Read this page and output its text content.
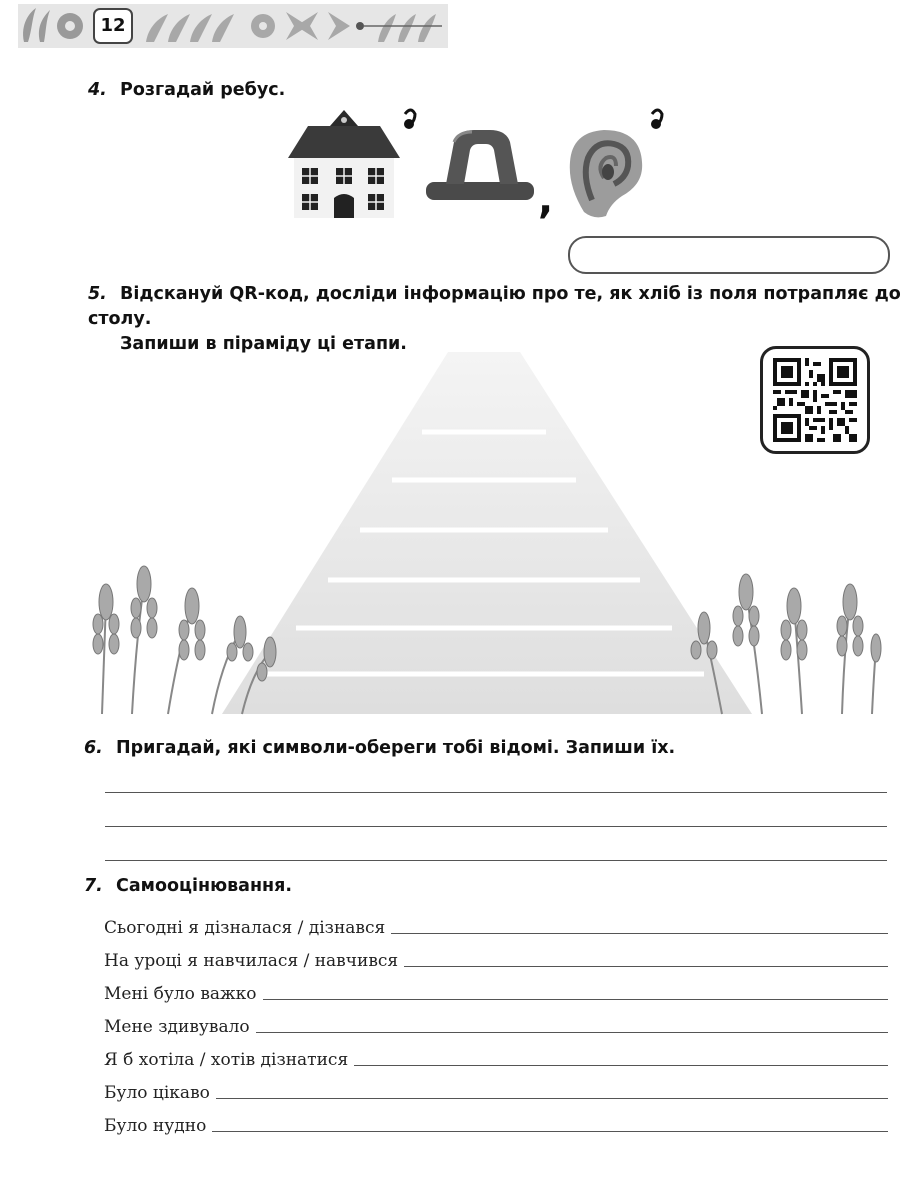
12
4. Розгадай ребус.
,
5. Відскануй QR-код, досліди інформацію про те, як хліб із поля потрапляє до столу.
Запиши в піраміду ці етапи.
6. Пригадай, які символи-обереги тобі відомі. Запиши їх.
7. Самооцінювання.
Сьогодні я дізналася / дізнався
На уроці я навчилася / навчився
Мені було важко
Мене здивувало
Я б хотіла / хотів дізнатися
Було цікаво
Було нудно
